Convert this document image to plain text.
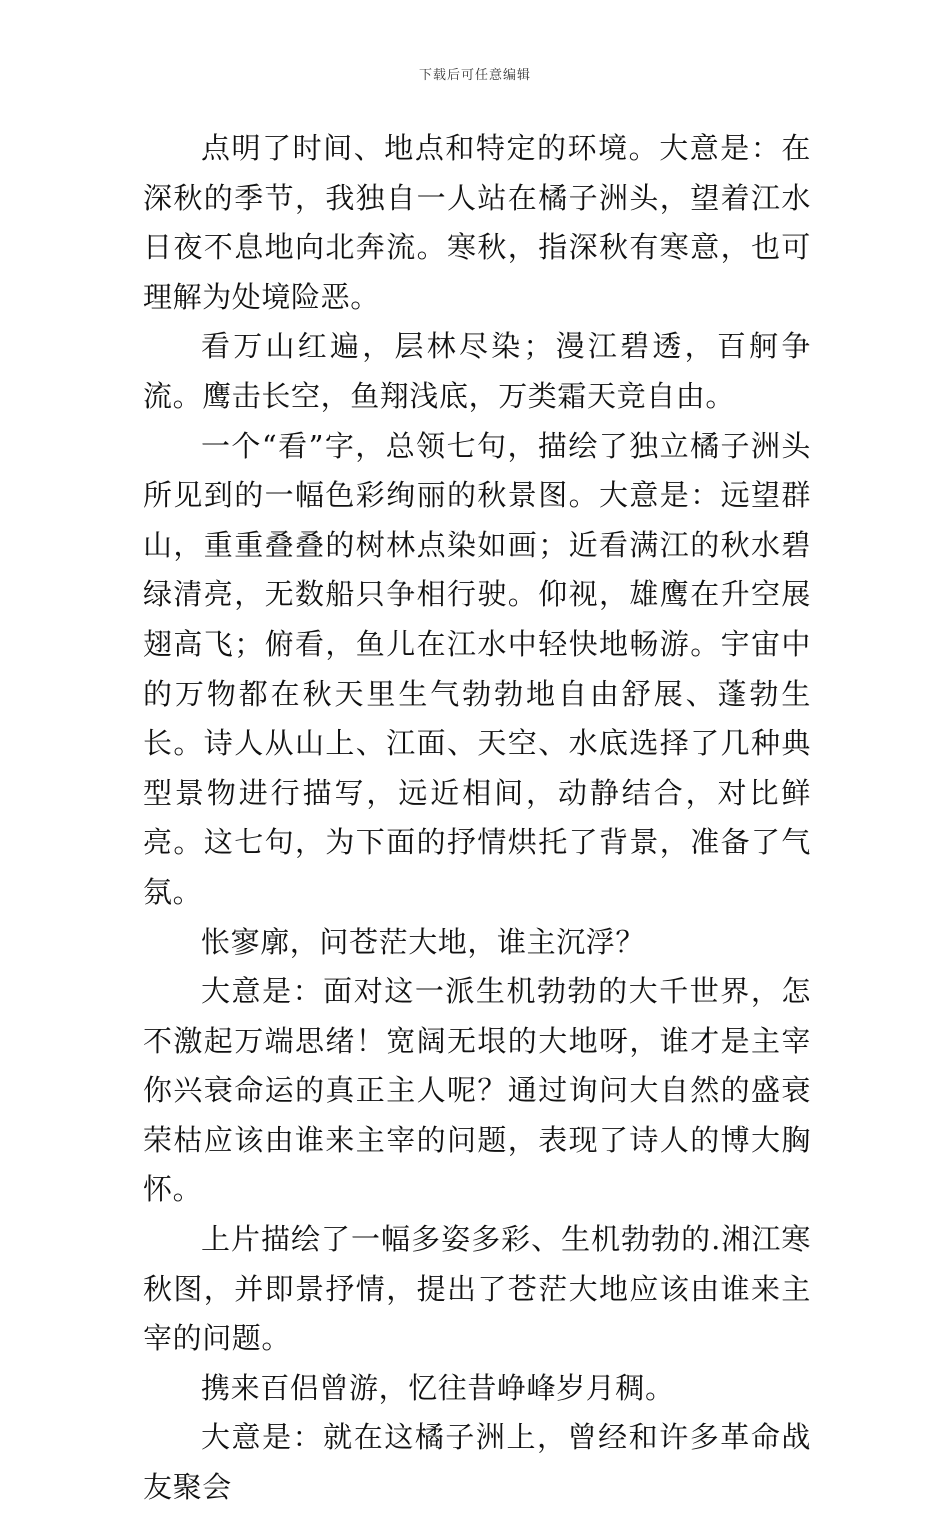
下载后可任意编辑

点明了时间、地点和特定的环境。大意是：在深秋的季节，我独自一人站在橘子洲头，望着江水日夜不息地向北奔流。寒秋，指深秋有寒意，也可理解为处境险恶。

看万山红遍，层林尽染；漫江碧透，百舸争流。鹰击长空，鱼翔浅底，万类霜天竞自由。

一个“看”字，总领七句，描绘了独立橘子洲头所见到的一幅色彩绚丽的秋景图。大意是：远望群山，重重叠叠的树林点染如画；近看满江的秋水碧绿清亮，无数船只争相行驶。仰视，雄鹰在升空展翅高飞；俯看，鱼儿在江水中轻快地畅游。宇宙中的万物都在秋天里生气勃勃地自由舒展、蓬勃生长。诗人从山上、江面、天空、水底选择了几种典型景物进行描写，远近相间，动静结合，对比鲜亮。这七句，为下面的抒情烘托了背景，准备了气氛。

怅寥廓，问苍茫大地，谁主沉浮？

大意是：面对这一派生机勃勃的大千世界，怎不激起万端思绪！宽阔无垠的大地呀，谁才是主宰你兴衰命运的真正主人呢？通过询问大自然的盛衰荣枯应该由谁来主宰的问题，表现了诗人的博大胸怀。

上片描绘了一幅多姿多彩、生机勃勃的.湘江寒秋图，并即景抒情，提出了苍茫大地应该由谁来主宰的问题。

携来百侣曾游，忆往昔峥峰岁月稠。

大意是：就在这橘子洲上，曾经和许多革命战友聚会
